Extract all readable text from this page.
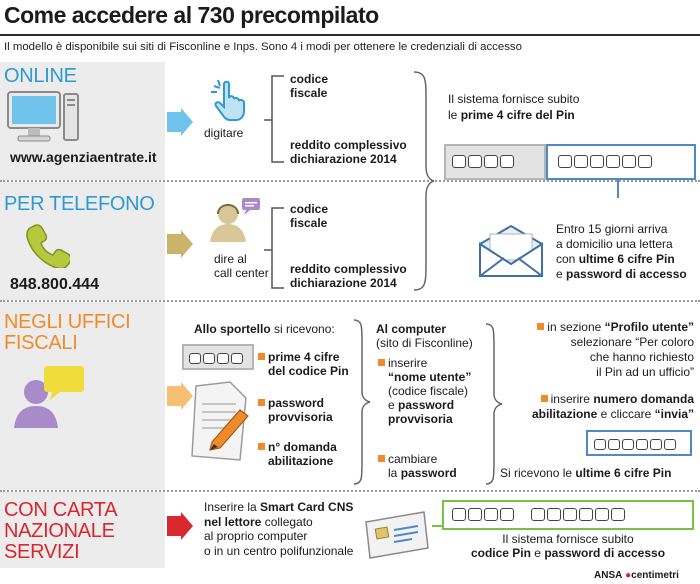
Come accedere al 730 precompilato
Il modello è disponibile sui siti di Fisconline e Inps. Sono 4 i modi per ottenere le credenziali di accesso
ONLINE
www.agenziaentrate.it
digitare
codice
fiscale
reddito complessivo
dichiarazione 2014
Il sistema fornisce subito
le prime 4 cifre del Pin
PER TELEFONO
848.800.444
dire al
call center
codice
fiscale
reddito complessivo
dichiarazione 2014
Entro 15 giorni arriva
a domicilio una lettera
con ultime 6 cifre Pin
e password di accesso
NEGLI UFFICI
FISCALI
Allo sportello si ricevono:
prime 4 cifre
del codice Pin
password
provvisoria
n° domanda
abilitazione
Al computer
(sito di Fisconline)
inserire
“nome utente”
(codice fiscale)
e password
provvisoria
cambiare
la password
in sezione “Profilo utente”
selezionare “Per coloro
che hanno richiesto
il Pin ad un ufficio”
inserire numero domanda
abilitazione e cliccare “invia”
Si ricevono le ultime 6 cifre Pin
CON CARTA
NAZIONALE
SERVIZI
Inserire la Smart Card CNS
nel lettore collegato
al proprio computer
o in un centro polifunzionale

Il sistema fornisce subito
codice Pin e password di accesso
ANSA ●centimetri
